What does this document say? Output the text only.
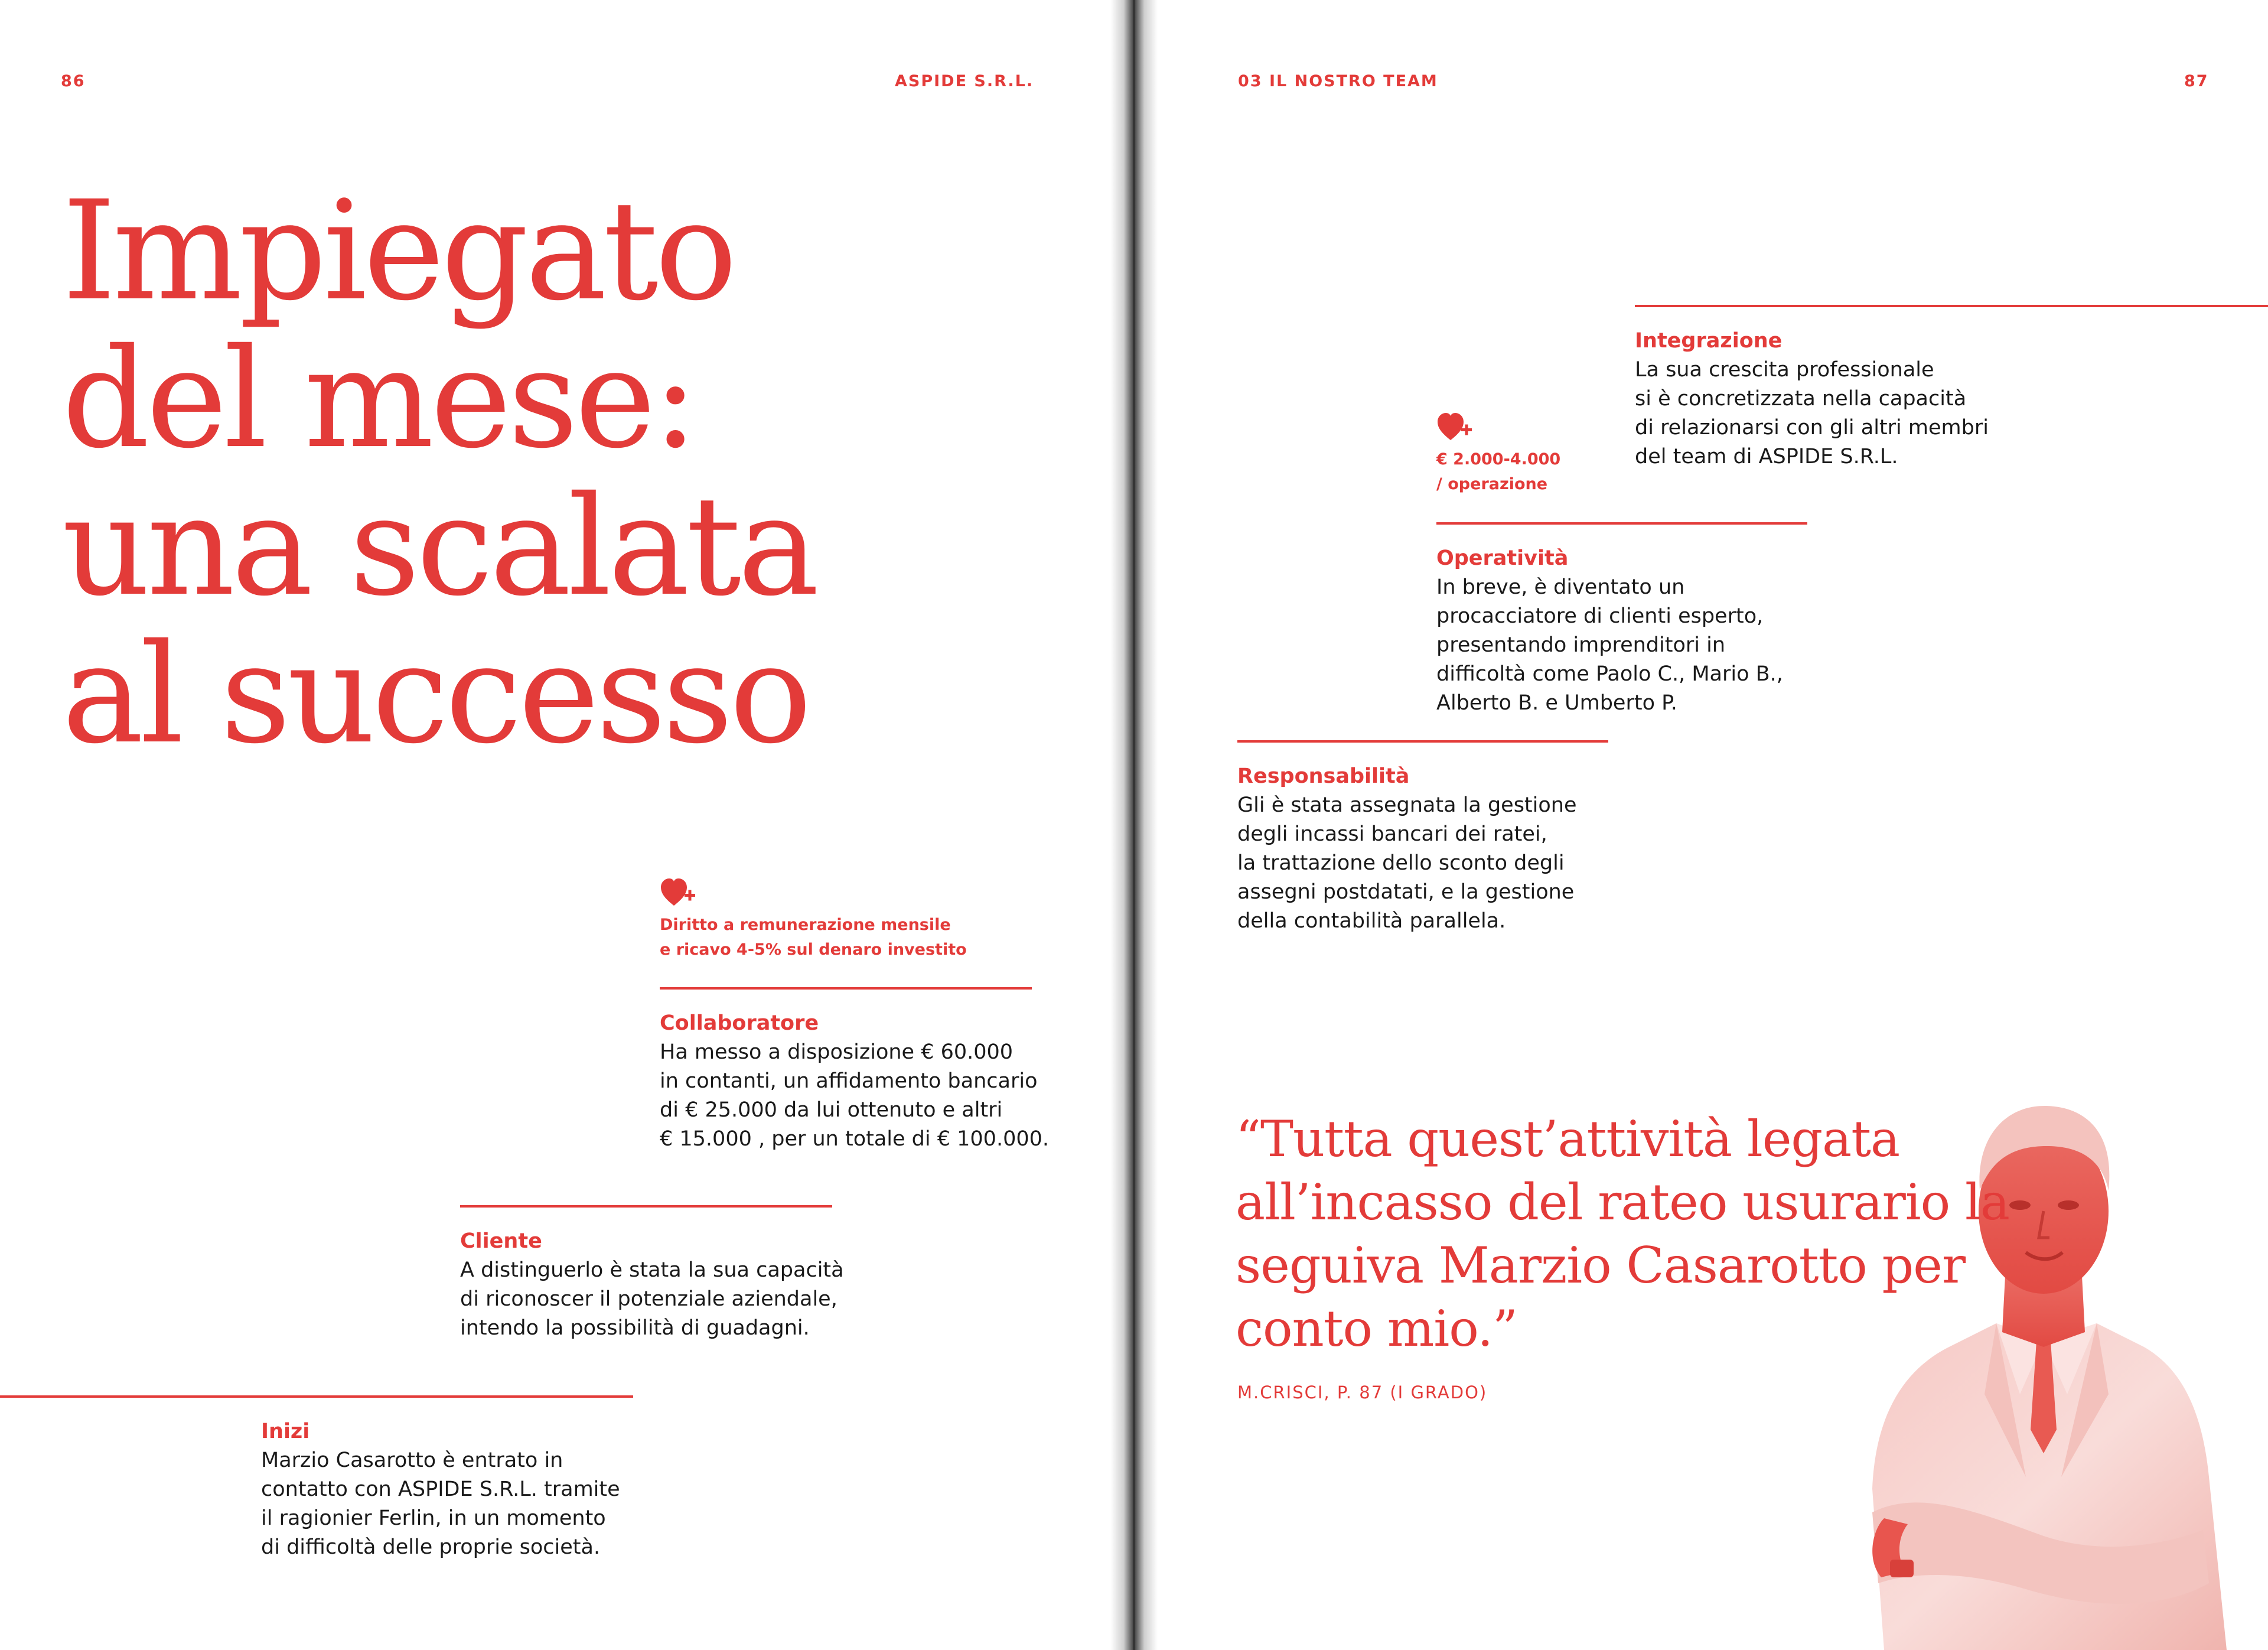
86	ASPIDE S.R.L.
Impiegato
del mese:
una scalata
al successo

Diritto a remunerazione mensile
e ricavo 4-5% sul denaro investito

Collaboratore

Ha messo a disposizione € 60.000
in contanti, un affidamento bancario
di € 25.000 da lui ottenuto e altri
€ 15.000 , per un totale di € 100.000.

Cliente

A distinguerlo è stata la sua capacità
di riconoscer il potenziale aziendale,
intendo la possibilità di guadagni.

Inizi

Marzio Casarotto è entrato in
contatto con ASPIDE S.R.L. tramite
il ragionier Ferlin, in un momento
di difficoltà delle proprie società.

03 IL NOSTRO TEAM	87
Integrazione

La sua crescita professionale
si è concretizzata nella capacità
di relazionarsi con gli altri membri
del team di ASPIDE S.R.L.

€ 2.000-4.000
/ operazione

Operatività

In breve, è diventato un
procacciatore di clienti esperto,
presentando imprenditori in
difficoltà come Paolo C., Mario B.,
Alberto B. e Umberto P.

Responsabilità

Gli è stata assegnata la gestione
degli incassi bancari dei ratei,
la trattazione dello sconto degli
assegni postdatati, e la gestione
della contabilità parallela.

“Tutta quest’attività legata all’incasso del rateo usurario la seguiva Marzio Casarotto per conto mio.”
M.CRISCI, P. 87 (I GRADO)
